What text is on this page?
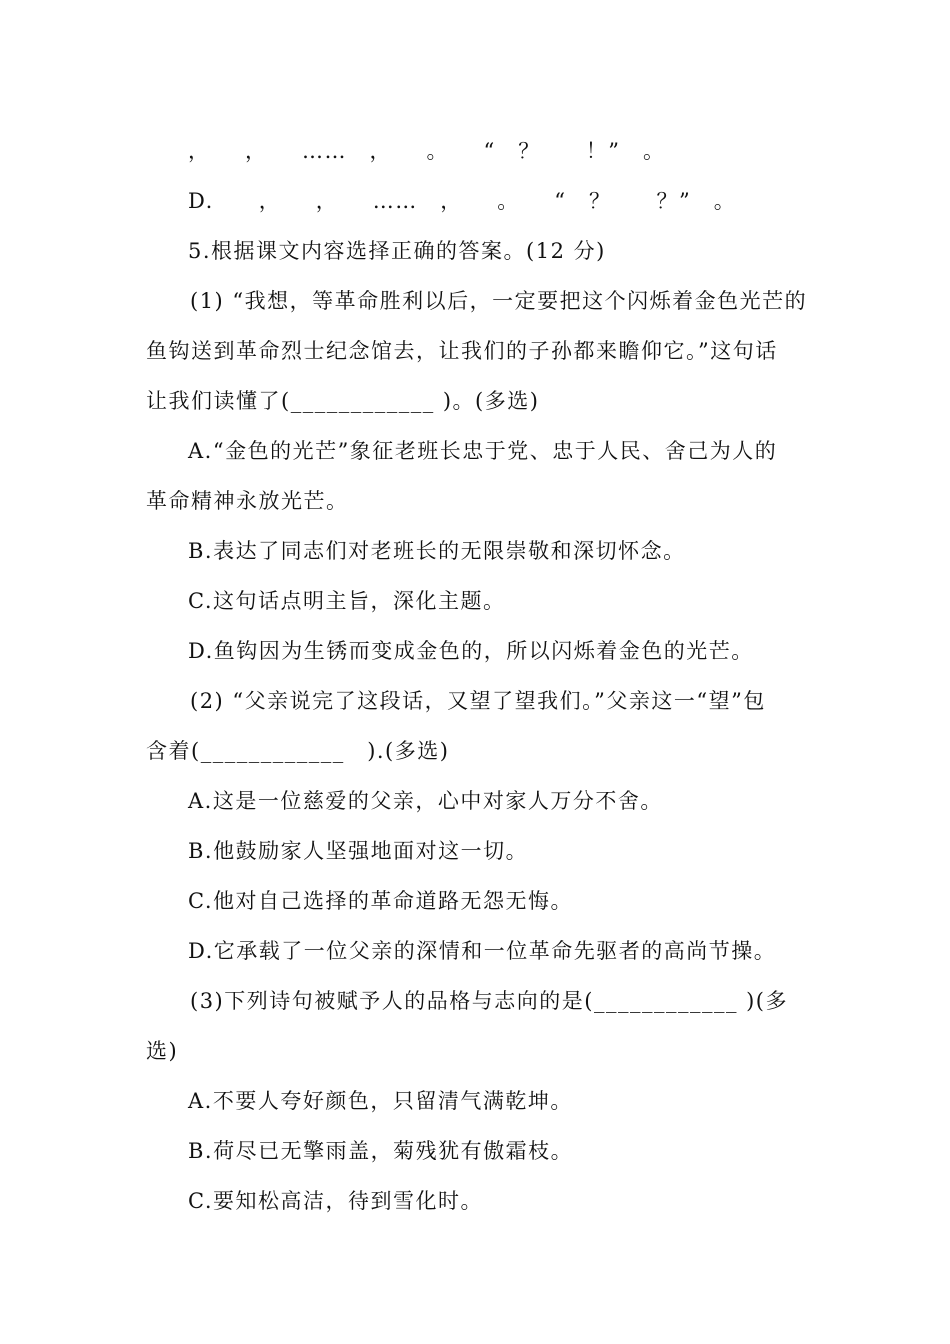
，　　，　　……　，　　。　　“　？　　！”　。
D.　　，　　，　　……　，　　。　　“　？　　？”　。
5.根据课文内容选择正确的答案。(12 分)
(1) “我想，等革命胜利以后，一定要把这个闪烁着金色光芒的
鱼钩送到革命烈士纪念馆去，让我们的子孙都来瞻仰它。”这句话
让我们读懂了(____________ )。(多选)
A.“金色的光芒”象征老班长忠于党、忠于人民、舍己为人的
革命精神永放光芒。
B.表达了同志们对老班长的无限崇敬和深切怀念。
C.这句话点明主旨，深化主题。
D.鱼钩因为生锈而变成金色的，所以闪烁着金色的光芒。
(2) “父亲说完了这段话，又望了望我们。”父亲这一“望”包
含着(____________　).(多选)
A.这是一位慈爱的父亲，心中对家人万分不舍。
B.他鼓励家人坚强地面对这一切。
C.他对自己选择的革命道路无怨无悔。
D.它承载了一位父亲的深情和一位革命先驱者的高尚节操。
(3)下列诗句被赋予人的品格与志向的是(____________ )(多
选)
A.不要人夸好颜色，只留清气满乾坤。
B.荷尽已无擎雨盖，菊残犹有傲霜枝。
C.要知松高洁，待到雪化时。
